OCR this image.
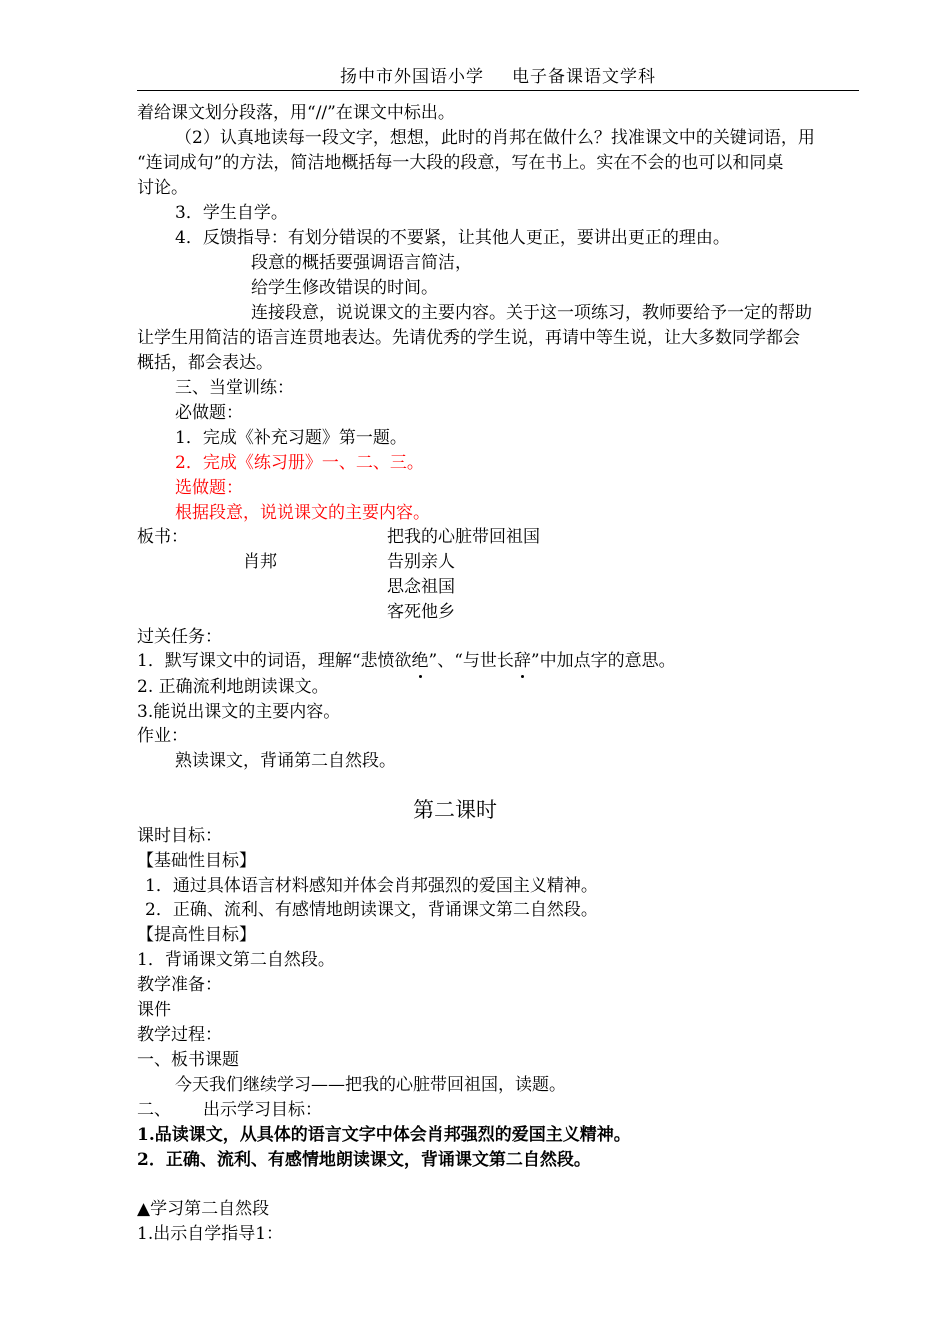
扬中市外国语小学 电子备课语文学科
着给课文划分段落，用“//”在课文中标出。
（2）认真地读每一段文字，想想，此时的肖邦在做什么？找准课文中的关键词语，用
“连词成句”的方法，简洁地概括每一大段的段意，写在书上。实在不会的也可以和同桌
讨论。
3．学生自学。
4．反馈指导：有划分错误的不要紧，让其他人更正，要讲出更正的理由。
段意的概括要强调语言简洁，
给学生修改错误的时间。
连接段意，说说课文的主要内容。关于这一项练习，教师要给予一定的帮助
让学生用简洁的语言连贯地表达。先请优秀的学生说，再请中等生说，让大多数同学都会
概括，都会表达。
三、当堂训练：
必做题：
1．完成《补充习题》第一题。
2．完成《练习册》一、二、三。
选做题：
根据段意，说说课文的主要内容。
板书：	把我的心脏带回祖国
肖邦	告别亲人
思念祖国
客死他乡
过关任务：
1．默写课文中的词语，理解“悲愤欲绝”、“与世长辞”中加点字的意思。
2. 正确流利地朗读课文。
3.能说出课文的主要内容。
作业：
熟读课文，背诵第二自然段。
第二课时
课时目标：
【基础性目标】
1．通过具体语言材料感知并体会肖邦强烈的爱国主义精神。
2．正确、流利、有感情地朗读课文，背诵课文第二自然段。
【提高性目标】
1．背诵课文第二自然段。
教学准备：
课件
教学过程：
一、板书课题
今天我们继续学习——把我的心脏带回祖国，读题。
二、 出示学习目标：
1.品读课文，从具体的语言文字中体会肖邦强烈的爱国主义精神。
2．正确、流利、有感情地朗读课文，背诵课文第二自然段。
▲学习第二自然段
1.出示自学指导1：
